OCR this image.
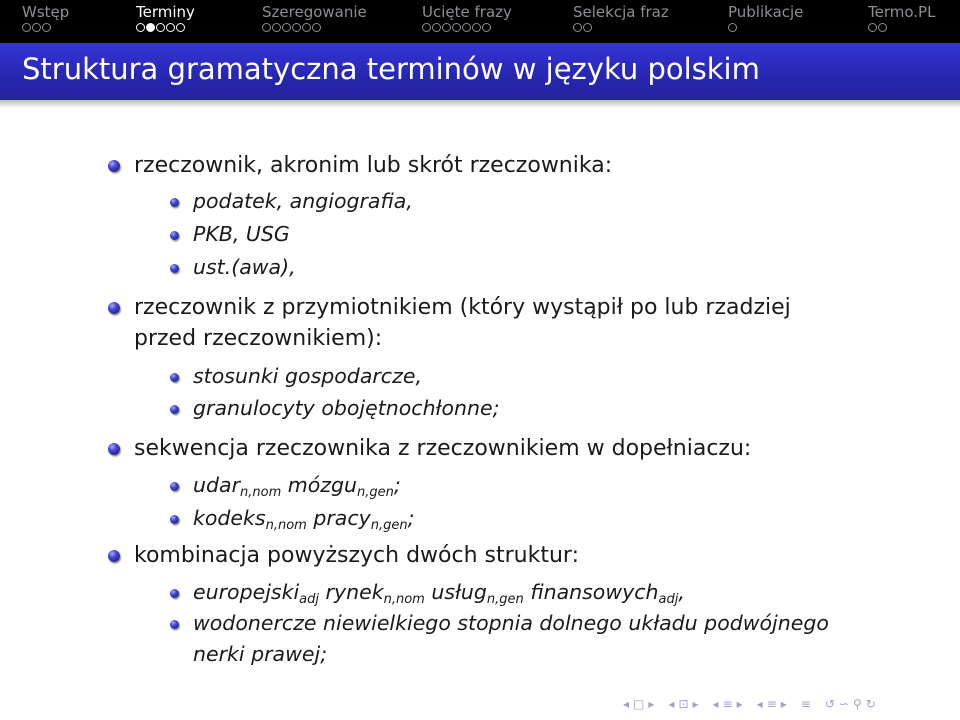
Wstęp	Terminy	Szeregowanie	Ucięte frazy	Selekcja fraz	Publikacje	Termo.PL
Struktura gramatyczna terminów w języku polskim
rzeczownik, akronim lub skrót rzeczownika:
podatek, angiografia,
PKB, USG
ust.(awa),
rzeczownik z przymiotnikiem (który wystąpił po lub rzadziej
przed rzeczownikiem):
stosunki gospodarcze,
granulocyty obojętnochłonne;
sekwencja rzeczownika z rzeczownikiem w dopełniaczu:
udar$_{n,nom}$ mózgu$_{n,gen}$;
kodeks$_{n,nom}$ pracy$_{n,gen}$;
kombinacja powyższych dwóch struktur:
europejski$_{adj}$ rynek$_{n,nom}$ usług$_{n,gen}$ finansowych$_{adj}$,
wodonercze niewielkiego stopnia dolnego układu podwójnego
nerki prawej;
◂ □ ▸ ◂ ⊡ ▸ ◂ ≡ ▸ ◂ ≡ ▸ ≡ ↺ ∽ ⚲ ↻
